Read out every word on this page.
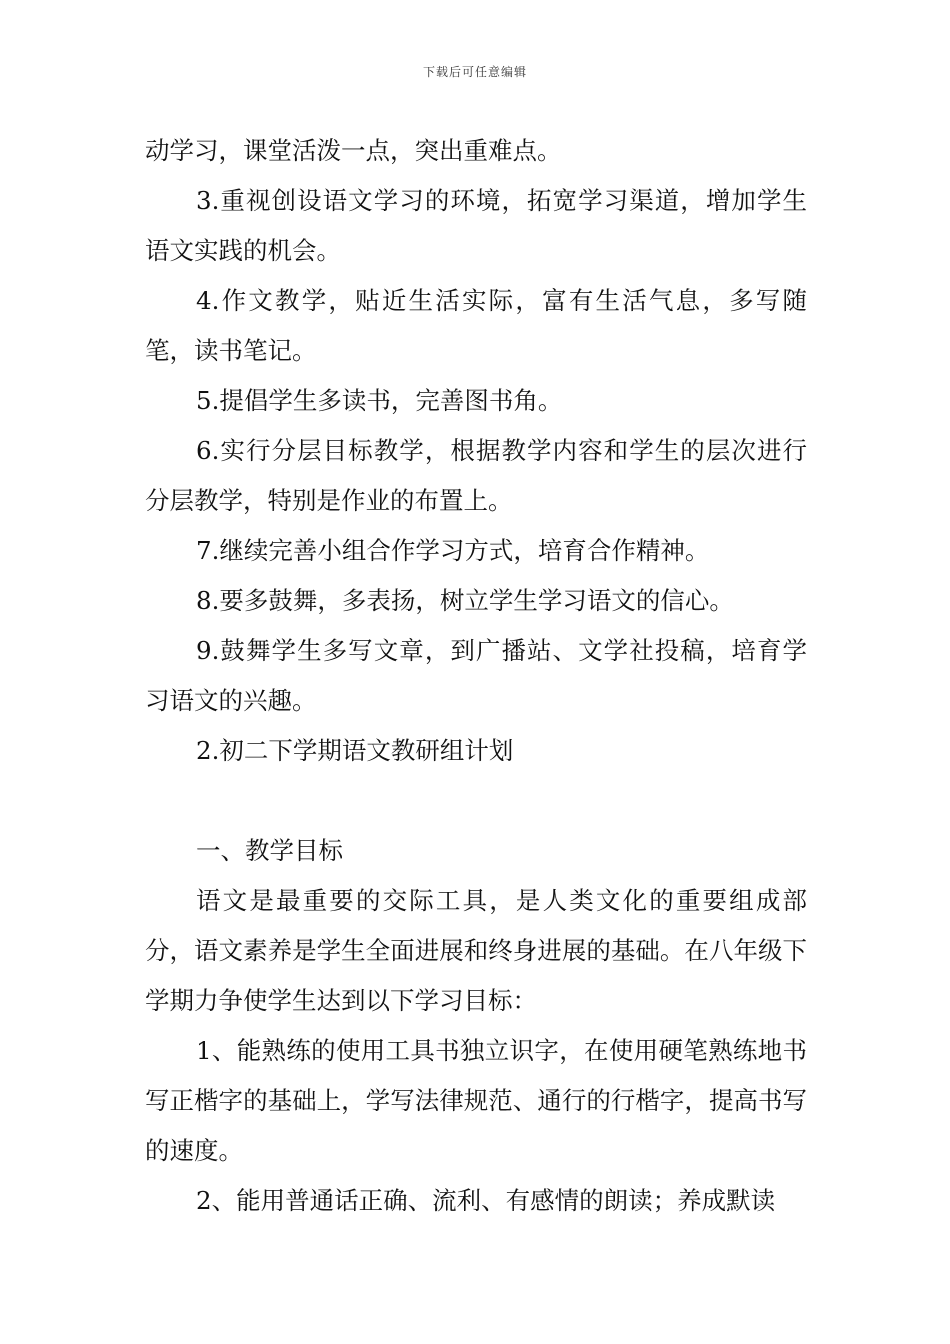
下载后可任意编辑

动学习，课堂活泼一点，突出重难点。

3.重视创设语文学习的环境，拓宽学习渠道，增加学生语文实践的机会。

4.作文教学，贴近生活实际，富有生活气息，多写随笔，读书笔记。

5.提倡学生多读书，完善图书角。

6.实行分层目标教学，根据教学内容和学生的层次进行分层教学，特别是作业的布置上。

7.继续完善小组合作学习方式，培育合作精神。

8.要多鼓舞，多表扬，树立学生学习语文的信心。

9.鼓舞学生多写文章，到广播站、文学社投稿，培育学习语文的兴趣。

2.初二下学期语文教研组计划

一、教学目标

语文是最重要的交际工具，是人类文化的重要组成部分，语文素养是学生全面进展和终身进展的基础。在八年级下学期力争使学生达到以下学习目标：

1、能熟练的使用工具书独立识字，在使用硬笔熟练地书写正楷字的基础上，学写法律规范、通行的行楷字，提高书写的速度。

2、能用普通话正确、流利、有感情的朗读；养成默读
